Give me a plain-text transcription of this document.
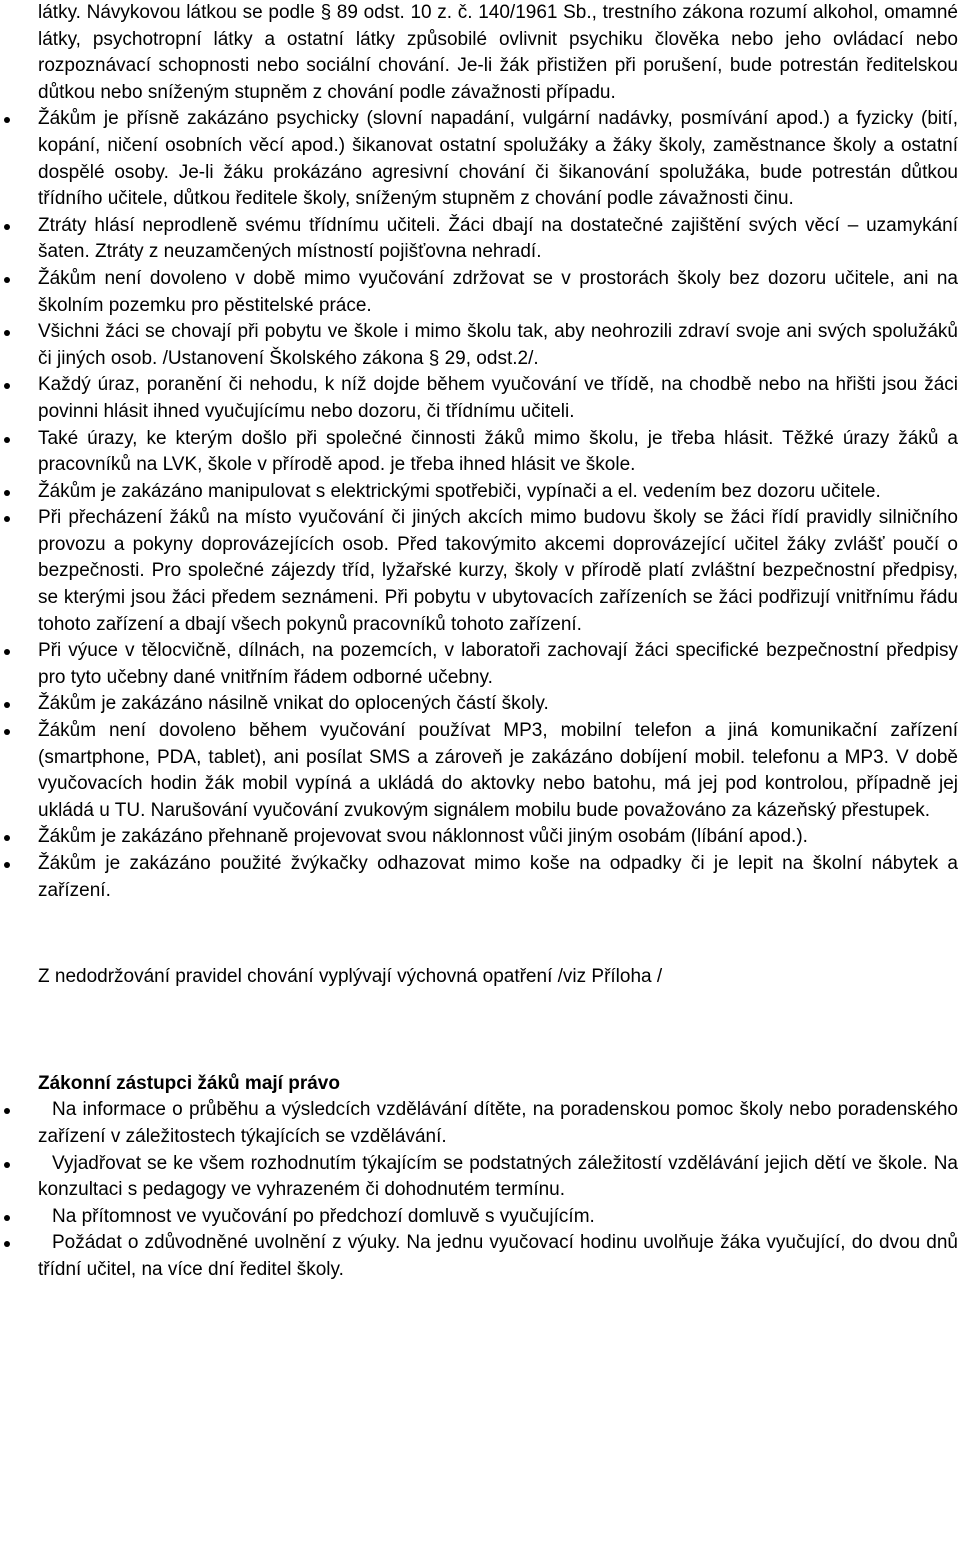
látky. Návykovou látkou se podle § 89 odst. 10 z. č. 140/1961 Sb., trestního zákona rozumí alkohol, omamné látky, psychotropní látky a ostatní látky způsobilé ovlivnit psychiku člověka nebo jeho ovládací nebo rozpoznávací schopnosti nebo sociální chování. Je-li žák přistižen při porušení, bude potrestán ředitelskou důtkou nebo sníženým stupněm z chování podle závažnosti případu.
Žákům je přísně zakázáno psychicky (slovní napadání, vulgární nadávky, posmívání apod.) a fyzicky (bití, kopání, ničení osobních věcí apod.) šikanovat ostatní spolužáky a žáky školy, zaměstnance školy a ostatní dospělé osoby. Je-li žáku prokázáno agresivní chování či šikanování spolužáka, bude potrestán důtkou třídního učitele, důtkou ředitele školy, sníženým stupněm z chování podle závažnosti činu.
Ztráty hlásí neprodleně svému třídnímu učiteli. Žáci dbají na dostatečné zajištění svých věcí – uzamykání šaten. Ztráty z neuzamčených místností pojišťovna nehradí.
Žákům není dovoleno v době mimo vyučování zdržovat se v prostorách školy bez dozoru učitele, ani na školním pozemku pro pěstitelské práce.
Všichni žáci se chovají při pobytu ve škole i mimo školu tak, aby neohrozili zdraví svoje ani svých spolužáků či jiných osob. /Ustanovení Školského zákona § 29, odst.2/.
Každý úraz, poranění či nehodu, k níž dojde během vyučování ve třídě, na chodbě nebo na hřišti jsou žáci povinni hlásit ihned vyučujícímu nebo dozoru, či třídnímu učiteli.
Také úrazy, ke kterým došlo při společné činnosti žáků mimo školu, je třeba hlásit. Těžké úrazy žáků a pracovníků na LVK, škole v přírodě apod. je třeba ihned hlásit ve škole.
Žákům je zakázáno manipulovat s elektrickými spotřebiči, vypínači a el. vedením bez dozoru učitele.
Při přecházení žáků na místo vyučování či jiných akcích mimo budovu školy se žáci řídí pravidly silničního provozu a pokyny doprovázejících osob. Před takovýmito akcemi doprovázející učitel žáky zvlášť poučí o bezpečnosti. Pro společné zájezdy tříd, lyžařské kurzy, školy v přírodě platí zvláštní bezpečnostní předpisy, se kterými jsou žáci předem seznámeni. Při pobytu v ubytovacích zařízeních se žáci podřizují vnitřnímu řádu tohoto zařízení a dbají všech pokynů pracovníků tohoto zařízení.
Při výuce v tělocvičně, dílnách, na pozemcích, v laboratoři zachovají žáci specifické bezpečnostní předpisy pro tyto učebny dané vnitřním řádem odborné učebny.
Žákům je zakázáno násilně vnikat do oplocených částí školy.
Žákům není dovoleno během vyučování používat MP3, mobilní telefon a jiná komunikační zařízení (smartphone, PDA, tablet), ani posílat SMS a zároveň je zakázáno dobíjení mobil. telefonu a MP3. V době vyučovacích hodin žák mobil vypíná a ukládá do aktovky nebo batohu, má jej pod kontrolou, případně jej ukládá u TU. Narušování vyučování zvukovým signálem mobilu bude považováno za kázeňský přestupek.
Žákům je zakázáno přehnaně projevovat svou náklonnost vůči jiným osobám (líbání apod.).
Žákům je zakázáno použité žvýkačky odhazovat mimo koše na odpadky či je lepit na školní nábytek a zařízení.
Z nedodržování pravidel chování vyplývají výchovná opatření /viz Příloha /
Zákonní zástupci žáků mají právo
Na informace o průběhu a výsledcích vzdělávání dítěte, na poradenskou pomoc školy nebo poradenského zařízení v záležitostech týkajících se vzdělávání.
Vyjadřovat se ke všem rozhodnutím týkajícím se podstatných záležitostí vzdělávání jejich dětí ve škole. Na konzultaci s pedagogy ve vyhrazeném či dohodnutém termínu.
Na přítomnost ve vyučování po předchozí domluvě s vyučujícím.
Požádat o zdůvodněné uvolnění z výuky. Na jednu vyučovací hodinu uvolňuje žáka vyučující, do dvou dnů třídní učitel, na více dní ředitel školy.
